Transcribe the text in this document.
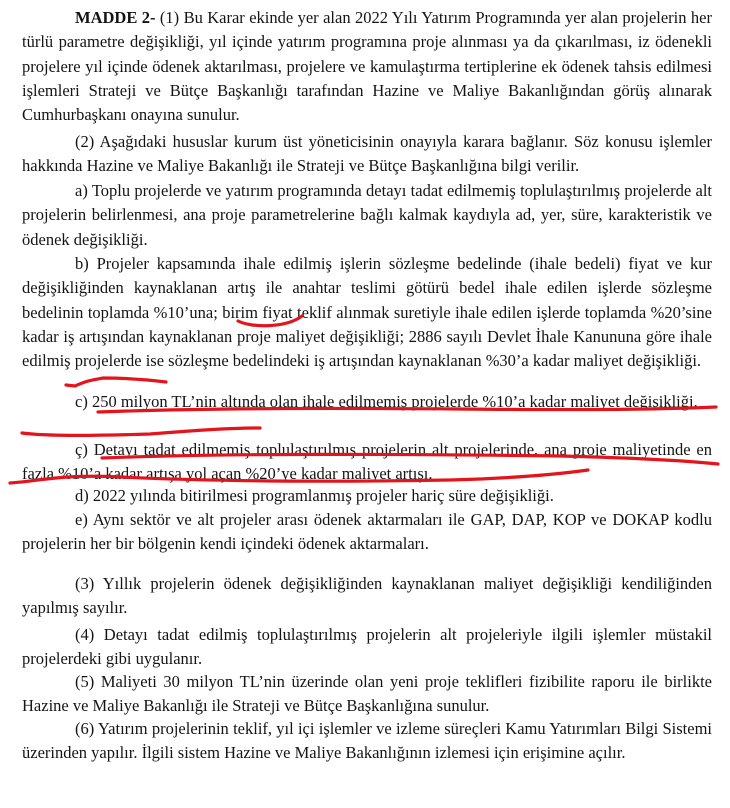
MADDE 2- (1) Bu Karar ekinde yer alan 2022 Yılı Yatırım Programında yer alan projelerin her türlü parametre değişikliği, yıl içinde yatırım programına proje alınması ya da çıkarılması, iz ödenekli projelere yıl içinde ödenek aktarılması, projelere ve kamulaştırma tertiplerine ek ödenek tahsis edilmesi işlemleri Strateji ve Bütçe Başkanlığı tarafından Hazine ve Maliye Bakanlığından görüş alınarak Cumhurbaşkanı onayına sunulur.

(2) Aşağıdaki hususlar kurum üst yöneticisinin onayıyla karara bağlanır. Söz konusu işlemler hakkında Hazine ve Maliye Bakanlığı ile Strateji ve Bütçe Başkanlığına bilgi verilir.

a) Toplu projelerde ve yatırım programında detayı tadat edilmemiş toplulaştırılmış projelerde alt projelerin belirlenmesi, ana proje parametrelerine bağlı kalmak kaydıyla ad, yer, süre, karakteristik ve ödenek değişikliği.

b) Projeler kapsamında ihale edilmiş işlerin sözleşme bedelinde (ihale bedeli) fiyat ve kur değişikliğinden kaynaklanan artış ile anahtar teslimi götürü bedel ihale edilen işlerde sözleşme bedelinin toplamda %10’una; birim fiyat teklif alınmak suretiyle ihale edilen işlerde toplamda %20’sine kadar iş artışından kaynaklanan proje maliyet değişikliği; 2886 sayılı Devlet İhale Kanununa göre ihale edilmiş projelerde ise sözleşme bedelindeki iş artışından kaynaklanan %30’a kadar maliyet değişikliği.

c) 250 milyon TL’nin altında olan ihale edilmemiş projelerde %10’a kadar maliyet değişikliği.

ç) Detayı tadat edilmemiş toplulaştırılmış projelerin alt projelerinde, ana proje maliyetinde en fazla %10’a kadar artışa yol açan %20’ye kadar maliyet artışı.

d) 2022 yılında bitirilmesi programlanmış projeler hariç süre değişikliği.

e) Aynı sektör ve alt projeler arası ödenek aktarmaları ile GAP, DAP, KOP ve DOKAP kodlu projelerin her bir bölgenin kendi içindeki ödenek aktarmaları.

(3) Yıllık projelerin ödenek değişikliğinden kaynaklanan maliyet değişikliği kendiliğinden yapılmış sayılır.

(4) Detayı tadat edilmiş toplulaştırılmış projelerin alt projeleriyle ilgili işlemler müstakil projelerdeki gibi uygulanır.

(5) Maliyeti 30 milyon TL’nin üzerinde olan yeni proje teklifleri fizibilite raporu ile birlikte Hazine ve Maliye Bakanlığı ile Strateji ve Bütçe Başkanlığına sunulur.

(6) Yatırım projelerinin teklif, yıl içi işlemler ve izleme süreçleri Kamu Yatırımları Bilgi Sistemi üzerinden yapılır. İlgili sistem Hazine ve Maliye Bakanlığının izlemesi için erişimine açılır.
